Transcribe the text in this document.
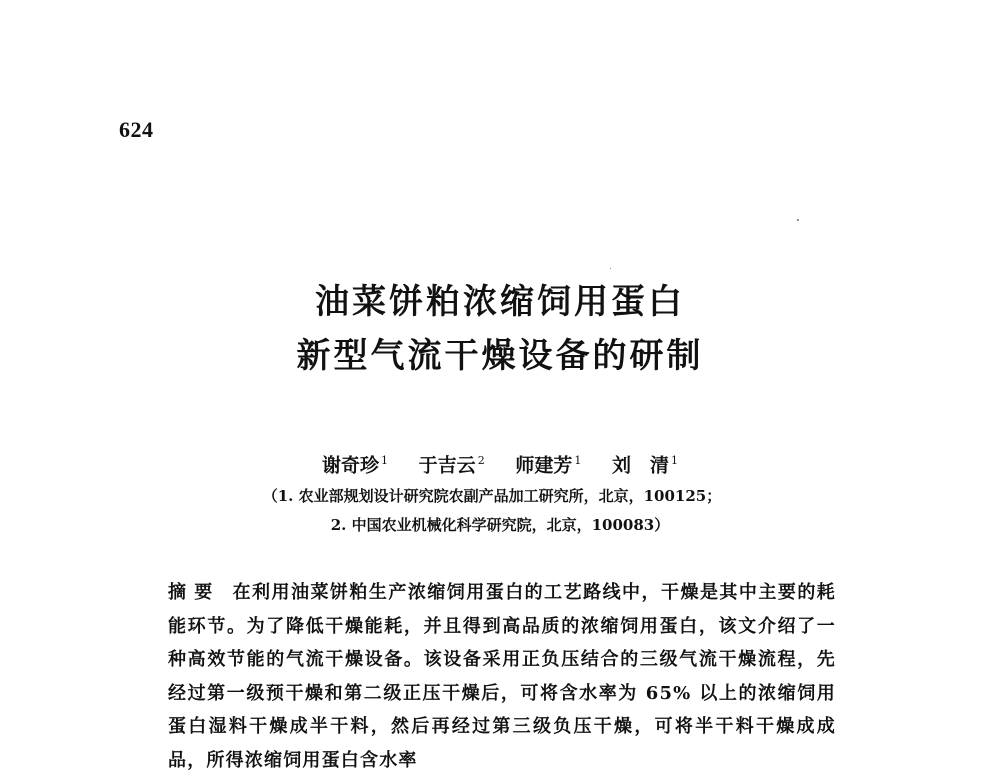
624
油菜饼粕浓缩饲用蛋白
新型气流干燥设备的研制
谢奇珍 $^1$ 于吉云 $^2$ 师建芳 $^1$ 刘　清 $^1$
（1. 农业部规划设计研究院农副产品加工研究所，北京，100125；
2. 中国农业机械化科学研究院，北京，100083）
摘要 在利用油菜饼粕生产浓缩饲用蛋白的工艺路线中，干燥是其中主要的耗能环节。为了降低干燥能耗，并且得到高品质的浓缩饲用蛋白，该文介绍了一种高效节能的气流干燥设备。该设备采用正负压结合的三级气流干燥流程，先经过第一级预干燥和第二级正压干燥后，可将含水率为 65% 以上的浓缩饲用蛋白湿料干燥成半干料，然后再经过第三级负压干燥，可将半干料干燥成成品，所得浓缩饲用蛋白含水率
